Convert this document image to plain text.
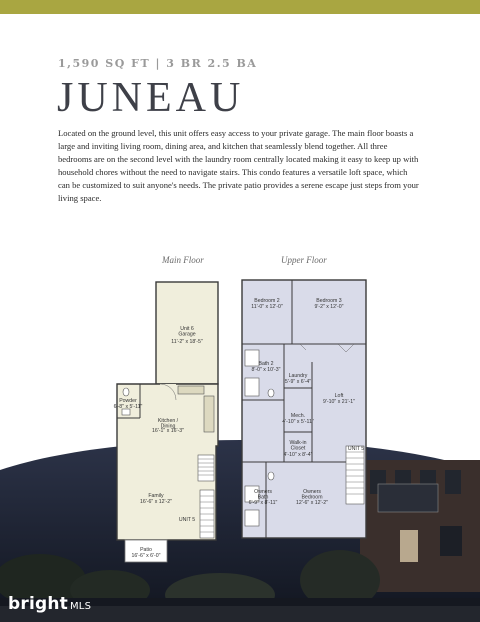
1,590 SQ FT | 3 BR 2.5 BA
JUNEAU
Located on the ground level, this unit offers easy access to your private garage. The main floor boasts a large and inviting living room, dining area, and kitchen that seamlessly blend together. All three bedrooms are on the second level with the laundry room centrally located making it easy to keep up with household chores without the need to navigate stairs. This condo features a versatile loft space, which can be customized to suit anyone's needs. The private patio provides a serene escape just steps from your living space.
Main Floor	Upper Floor
Unit 6 Garage
11'-2" x 18'-5"
Powder
6'-8" x 5'-11"
Kitchen / Dining
16'-1" x 16'-3"
Family
16'-6" x 12'-2"
UNIT 5
Patio
16'-6" x 6'-0"
Bedroom 2
11'-0" x 12'-0"
Bedroom 3
9'-2" x 12'-0"
Bath 2
8'-0" x 10'-3"
Laundry
5'-9" x 6'-4"
Mech.
4'-10" x 5'-11"
Loft
9'-10" x 21'-1"
Walk-in Closet
4'-10" x 8'-4"
Owners Bath
6'-9" x 8'-11"
Owners Bedroom
12'-6" x 12'-2"
UNIT 5
bright MLS
